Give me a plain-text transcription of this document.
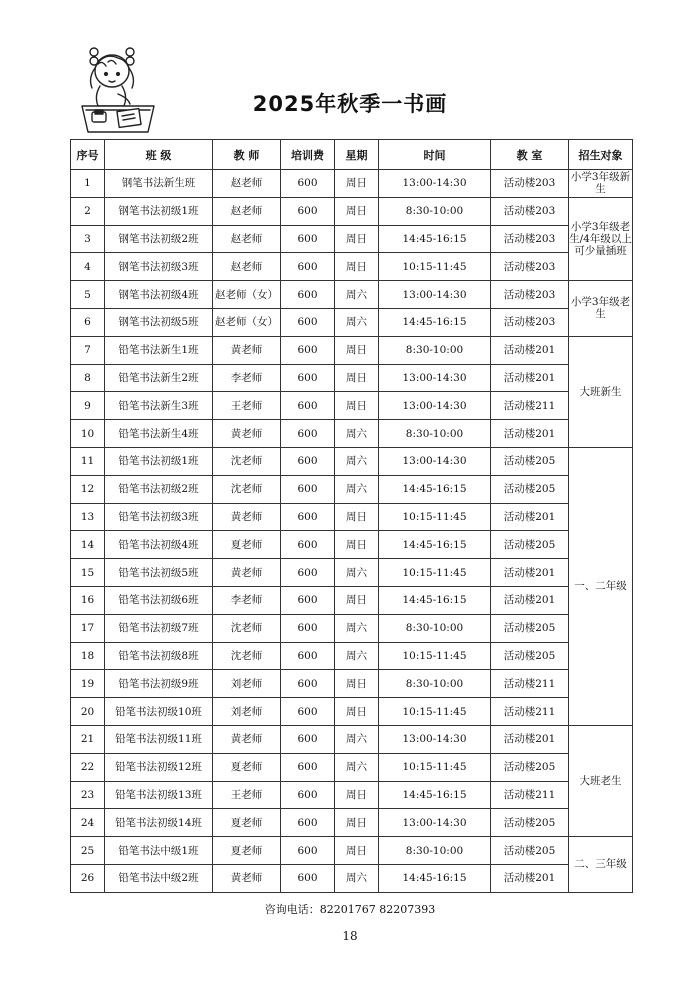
2025年秋季一书画
序号	班 级	教 师	培训费	星期	时间	教 室	招生对象
1	钢笔书法新生班	赵老师	600	周日	13:00-14:30	活动楼203	小学3年级新生
2	钢笔书法初级1班	赵老师	600	周日	8:30-10:00	活动楼203	小学3年级老生/4年级以上可少量插班
3	钢笔书法初级2班	赵老师	600	周日	14:45-16:15	活动楼203	
4	钢笔书法初级3班	赵老师	600	周日	10:15-11:45	活动楼203	
5	钢笔书法初级4班	赵老师（女）	600	周六	13:00-14:30	活动楼203	小学3年级老生
6	钢笔书法初级5班	赵老师（女）	600	周六	14:45-16:15	活动楼203	
7	铅笔书法新生1班	黄老师	600	周日	8:30-10:00	活动楼201	大班新生
8	铅笔书法新生2班	李老师	600	周日	13:00-14:30	活动楼201	
9	铅笔书法新生3班	王老师	600	周日	13:00-14:30	活动楼211	
10	铅笔书法新生4班	黄老师	600	周六	8:30-10:00	活动楼201	
11	铅笔书法初级1班	沈老师	600	周六	13:00-14:30	活动楼205	一、二年级
12	铅笔书法初级2班	沈老师	600	周六	14:45-16:15	活动楼205	
13	铅笔书法初级3班	黄老师	600	周日	10:15-11:45	活动楼201	
14	铅笔书法初级4班	夏老师	600	周日	14:45-16:15	活动楼205	
15	铅笔书法初级5班	黄老师	600	周六	10:15-11:45	活动楼201	
16	铅笔书法初级6班	李老师	600	周日	14:45-16:15	活动楼201	
17	铅笔书法初级7班	沈老师	600	周六	8:30-10:00	活动楼205	
18	铅笔书法初级8班	沈老师	600	周六	10:15-11:45	活动楼205	
19	铅笔书法初级9班	刘老师	600	周日	8:30-10:00	活动楼211	
20	铅笔书法初级10班	刘老师	600	周日	10:15-11:45	活动楼211	
21	铅笔书法初级11班	黄老师	600	周六	13:00-14:30	活动楼201	大班老生
22	铅笔书法初级12班	夏老师	600	周六	10:15-11:45	活动楼205	
23	铅笔书法初级13班	王老师	600	周日	14:45-16:15	活动楼211	
24	铅笔书法初级14班	夏老师	600	周日	13:00-14:30	活动楼205	
25	铅笔书法中级1班	夏老师	600	周日	8:30-10:00	活动楼205	二、三年级
26	铅笔书法中级2班	黄老师	600	周六	14:45-16:15	活动楼201	
咨询电话：82201767 82207393
18
